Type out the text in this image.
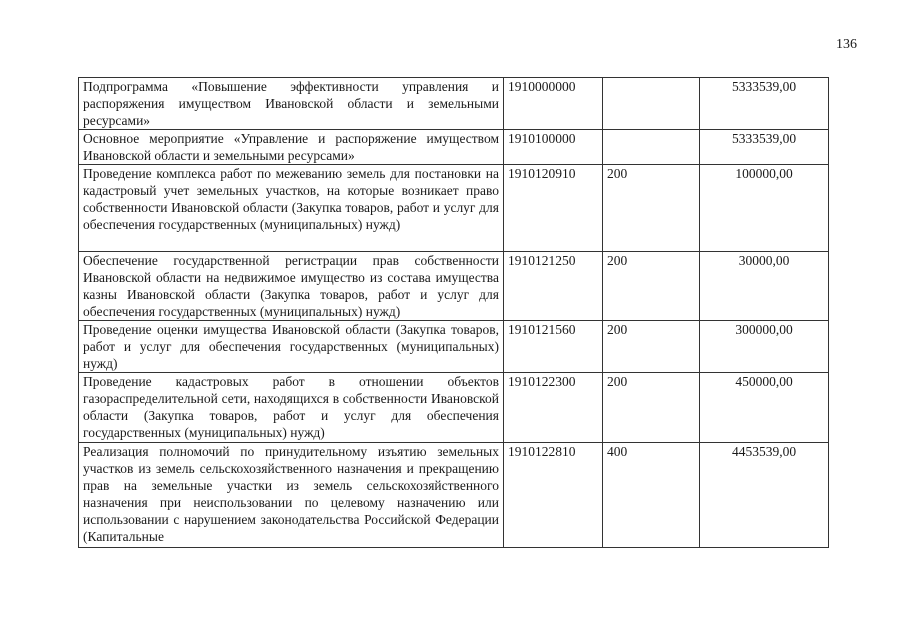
136
Подпрограмма «Повышение эффективности управления и распоряжения имуществом Ивановской области и земельными ресурсами»	1910000000		5333539,00
Основное мероприятие «Управление и распоряжение имуществом Ивановской области и земельными ресурсами»	1910100000		5333539,00
Проведение комплекса работ по межеванию земель для постановки на кадастровый учет земельных участков, на которые возникает право собственности Ивановской области (Закупка товаров, работ и услуг для обеспечения государственных (муниципальных) нужд)	1910120910	200	100000,00
Обеспечение государственной регистрации прав собственности Ивановской области на недвижимое имущество из состава имущества казны Ивановской области (Закупка товаров, работ и услуг для обеспечения государственных (муниципальных) нужд)	1910121250	200	30000,00
Проведение оценки имущества Ивановской области (Закупка товаров, работ и услуг для обеспечения государственных (муниципальных) нужд)	1910121560	200	300000,00
Проведение кадастровых работ в отношении объектов газораспределительной сети, находящихся в собственности Ивановской области (Закупка товаров, работ и услуг для обеспечения государственных (муниципальных) нужд)	1910122300	200	450000,00
Реализация полномочий по принудительному изъятию земельных участков из земель сельскохозяйственного назначения и прекращению прав на земельные участки из земель сельскохозяйственного назначения при неиспользовании по целевому назначению или использовании с нарушением законодательства Российской Федерации (Капитальные	1910122810	400	4453539,00
